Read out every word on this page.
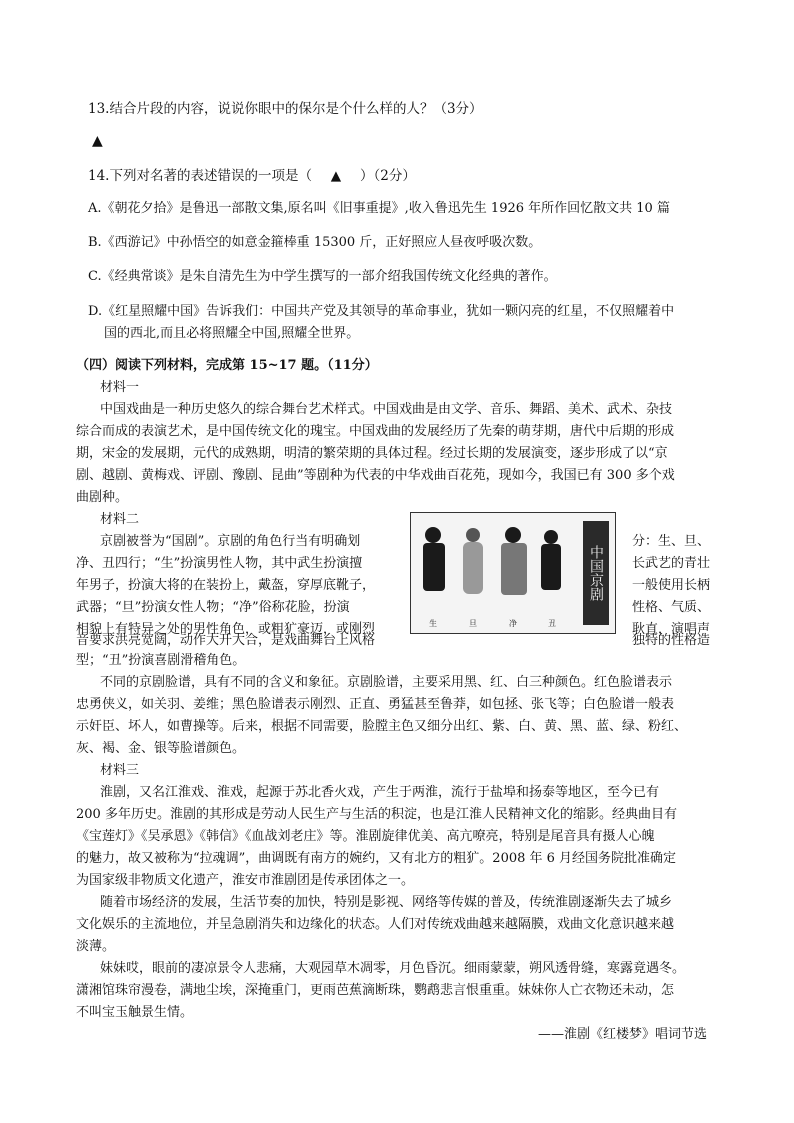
13.结合片段的内容，说说你眼中的保尔是个什么样的人？（3分）
▲
14.下列对名著的表述错误的一项是（ ▲ ）（2分）
A.《朝花夕拾》是鲁迅一部散文集,原名叫《旧事重提》,收入鲁迅先生 1926 年所作回忆散文共 10 篇
B.《西游记》中孙悟空的如意金箍棒重 15300 斤，正好照应人昼夜呼吸次数。
C.《经典常谈》是朱自清先生为中学生撰写的一部介绍我国传统文化经典的著作。
D.《红星照耀中国》告诉我们：中国共产党及其领导的革命事业，犹如一颗闪亮的红星，不仅照耀着中
国的西北,而且必将照耀全中国,照耀全世界。
（四）阅读下列材料，完成第 15~17 题。（11分）
材料一
中国戏曲是一种历史悠久的综合舞台艺术样式。中国戏曲是由文学、音乐、舞蹈、美术、武术、杂技
综合而成的表演艺术，是中国传统文化的瑰宝。中国戏曲的发展经历了先秦的萌芽期，唐代中后期的形成
期，宋金的发展期，元代的成熟期，明清的繁荣期的具体过程。经过长期的发展演变，逐步形成了以“京
剧、越剧、黄梅戏、评剧、豫剧、昆曲”等剧种为代表的中华戏曲百花苑，现如今，我国已有 300 多个戏
曲剧种。
材料二
京剧被誉为“国剧”。京剧的角色行当有明确划	分：生、旦、
净、丑四行；“生”扮演男性人物，其中武生扮演擅	长武艺的青壮
年男子，扮演大将的在装扮上，戴盔，穿厚底靴子，	一般使用长柄
武器；“旦”扮演女性人物；“净”俗称花脸，扮演	性格、气质、
相貌上有特异之处的男性角色，或粗犷豪迈，或刚烈	耿直，演唱声
音要求洪亮宽阔，动作大开大合，是戏曲舞台上风格	独特的性格造
型；“丑”扮演喜剧滑稽角色。
生	旦	净	丑
中国京剧
不同的京剧脸谱，具有不同的含义和象征。京剧脸谱，主要采用黑、红、白三种颜色。红色脸谱表示
忠勇侠义，如关羽、姜维；黑色脸谱表示刚烈、正直、勇猛甚至鲁莽，如包拯、张飞等；白色脸谱一般表
示奸臣、坏人，如曹操等。后来，根据不同需要，脸膛主色又细分出红、紫、白、黄、黑、蓝、绿、粉红、
灰、褐、金、银等脸谱颜色。
材料三
淮剧，又名江淮戏、淮戏，起源于苏北香火戏，产生于两淮，流行于盐埠和扬泰等地区，至今已有
200 多年历史。淮剧的其形成是劳动人民生产与生活的积淀，也是江淮人民精神文化的缩影。经典曲目有
《宝莲灯》《吴承恩》《韩信》《血战刘老庄》等。淮剧旋律优美、高亢嘹亮，特别是尾音具有摄人心魄
的魅力，故又被称为“拉魂调”，曲调既有南方的婉约，又有北方的粗犷。2008 年 6 月经国务院批准确定
为国家级非物质文化遗产，淮安市淮剧团是传承团体之一。
随着市场经济的发展，生活节奏的加快，特别是影视、网络等传媒的普及，传统淮剧逐渐失去了城乡
文化娱乐的主流地位，并呈急剧消失和边缘化的状态。人们对传统戏曲越来越隔膜，戏曲文化意识越来越
淡薄。
妹妹哎，眼前的凄凉景令人悲痛，大观园草木凋零，月色昏沉。细雨蒙蒙，朔风透骨缝，寒露竟遇冬。
潇湘馆珠帘漫卷，满地尘埃，深掩重门，更雨芭蕉滴断珠，鹦鹉悲言恨重重。妹妹你人亡衣物还未动，怎
不叫宝玉触景生情。
——淮剧《红楼梦》唱词节选
